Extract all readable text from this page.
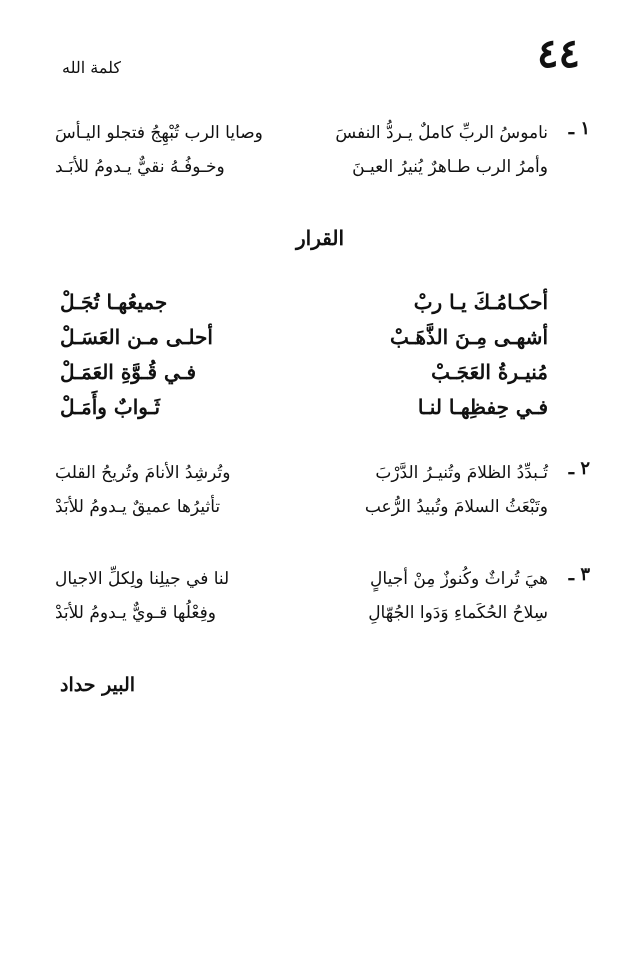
٤٤
كلمة الله
١ ـ
ناموسُ الربِّ كاملٌ يـردُّ النفسَ
وصايا الرب تُبْهِجُ فتجلو اليـأسَ
وأمرُ الرب طـاهرٌ يُنيرُ العيـنَ
وخـوفُـهُ نقيٌّ يـدومُ للأبَـد
القرار
أحكـامُـكَ يـا ربْ
جميعُهـا تُجَـلْ
أشهـى مِـنَ الذَّهَـبْ
أحلـى مـن العَسَـلْ
مُنيـرةُ العَجَـبْ
فـي قُـوَّةِ العَمَـلْ
فـي حِفظِهـا لنـا
ثَـوابٌ وأَمَـلْ
٢ ـ
تُـبدِّدُ الظلامَ وتُنيـرُ الدَّرْبَ
وتُرشِدُ الأنامَ وتُريحُ القلبَ
وتَبْعَثُ السلامَ وتُبيدُ الرُّعب
تأثيرُها عميقٌ يـدومُ للأبَدْ
٣ ـ
هيَ تُراثٌ وكُنوزٌ مِنْ أجيالٍ
لنا في جيلِنا ولِكلِّ الاجيال
سِلاحُ الحُكَماءِ وَدَوا الجُهّالِ
وفِعْلُها قـويٌّ يـدومُ للأبَدْ
البير حداد
